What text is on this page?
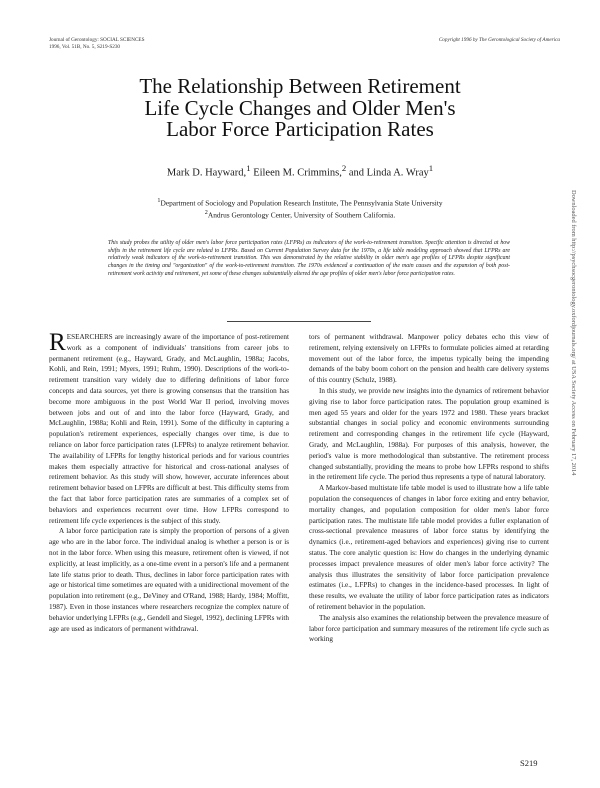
Journal of Gerontology: SOCIAL SCIENCES
1996, Vol. 51B, No. 5, S219-S230
Copyright 1996 by The Gerontological Society of America
The Relationship Between Retirement
Life Cycle Changes and Older Men's
Labor Force Participation Rates
Mark D. Hayward,$^1$ Eileen M. Crimmins,$^2$ and Linda A. Wray$^1$
$^1$Department of Sociology and Population Research Institute, The Pennsylvania State University
$^2$Andrus Gerontology Center, University of Southern California.
This study probes the utility of older men's labor force participation rates (LFPRs) as indicators of the work-to-retirement transition. Specific attention is directed at how shifts in the retirement life cycle are related to LFPRs. Based on Current Population Survey data for the 1970s, a life table modeling approach showed that LFPRs are relatively weak indicators of the work-to-retirement transition. This was demonstrated by the relative stability in older men's age profiles of LFPRs despite significant changes in the timing and "organization" of the work-to-retirement transition. The 1970s evidenced a continuation of the main causes and the expansion of both post-retirement work activity and retirement, yet some of these changes substantially altered the age profiles of older men's labor force participation rates.

RESEARCHERS are increasingly aware of the importance of post-retirement work as a component of individuals' transitions from career jobs to permanent retirement (e.g., Hayward, Grady, and McLaughlin, 1988a; Jacobs, Kohli, and Rein, 1991; Myers, 1991; Ruhm, 1990). Descriptions of the work-to-retirement transition vary widely due to differing definitions of labor force concepts and data sources, yet there is growing consensus that the transition has become more ambiguous in the post World War II period, involving moves between jobs and out of and into the labor force (Hayward, Grady, and McLaughlin, 1988a; Kohli and Rein, 1991). Some of the difficulty in capturing a population's retirement experiences, especially changes over time, is due to reliance on labor force participation rates (LFPRs) to analyze retirement behavior. The availability of LFPRs for lengthy historical periods and for various countries makes them especially attractive for historical and cross-national analyses of retirement behavior. As this study will show, however, accurate inferences about retirement behavior based on LFPRs are difficult at best. This difficulty stems from the fact that labor force participation rates are summaries of a complex set of behaviors and experiences recurrent over time. How LFPRs correspond to retirement life cycle experiences is the subject of this study.

A labor force participation rate is simply the proportion of persons of a given age who are in the labor force. The individual analog is whether a person is or is not in the labor force. When using this measure, retirement often is viewed, if not explicitly, at least implicitly, as a one-time event in a person's life and a permanent late life status prior to death. Thus, declines in labor force participation rates with age or historical time sometimes are equated with a unidirectional movement of the population into retirement (e.g., DeViney and O'Rand, 1988; Hardy, 1984; Moffitt, 1987). Even in those instances where researchers recognize the complex nature of behavior underlying LFPRs (e.g., Gendell and Siegel, 1992), declining LFPRs with age are used as indicators of permanent withdrawal.

tors of permanent withdrawal. Manpower policy debates echo this view of retirement, relying extensively on LFPRs to formulate policies aimed at retarding movement out of the labor force, the impetus typically being the impending demands of the baby boom cohort on the pension and health care delivery systems of this country (Schulz, 1988).

In this study, we provide new insights into the dynamics of retirement behavior giving rise to labor force participation rates. The population group examined is men aged 55 years and older for the years 1972 and 1980. These years bracket substantial changes in social policy and economic environments surrounding retirement and corresponding changes in the retirement life cycle (Hayward, Grady, and McLaughlin, 1988a). For purposes of this analysis, however, the period's value is more methodological than substantive. The retirement process changed substantially, providing the means to probe how LFPRs respond to shifts in the retirement life cycle. The period thus represents a type of natural laboratory.

A Markov-based multistate life table model is used to illustrate how a life table population the consequences of changes in labor force exiting and entry behavior, mortality changes, and population composition for older men's labor force participation rates. The multistate life table model provides a fuller explanation of cross-sectional prevalence measures of labor force status by identifying the dynamics (i.e., retirement-aged behaviors and experiences) giving rise to current status. The core analytic question is: How do changes in the underlying dynamic processes impact prevalence measures of older men's labor force activity? The analysis thus illustrates the sensitivity of labor force participation prevalence estimates (i.e., LFPRs) to changes in the incidence-based processes. In light of these results, we evaluate the utility of labor force participation rates as indicators of retirement behavior in the population.

The analysis also examines the relationship between the prevalence measure of labor force participation and summary measures of the retirement life cycle such as working

S219
Downloaded from http://psychsocgerontology.oxfordjournals.org/ at USA Society Access on February 17, 2014
